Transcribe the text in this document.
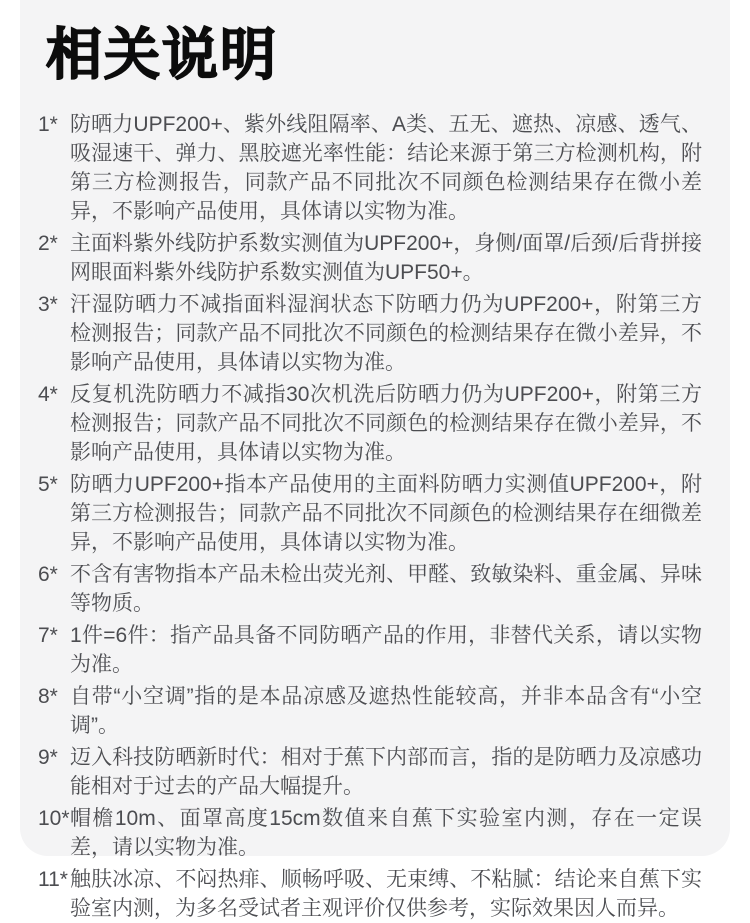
相关说明
1* 防晒力UPF200+、紫外线阻隔率、A类、五无、遮热、凉感、透气、吸湿速干、弹力、黑胶遮光率性能：结论来源于第三方检测机构，附第三方检测报告，同款产品不同批次不同颜色检测结果存在微小差异，不影响产品使用，具体请以实物为准。
2* 主面料紫外线防护系数实测值为UPF200+，身侧/面罩/后颈/后背拼接网眼面料紫外线防护系数实测值为UPF50+。
3* 汗湿防晒力不减指面料湿润状态下防晒力仍为UPF200+，附第三方检测报告；同款产品不同批次不同颜色的检测结果存在微小差异，不影响产品使用，具体请以实物为准。
4* 反复机洗防晒力不减指30次机洗后防晒力仍为UPF200+，附第三方检测报告；同款产品不同批次不同颜色的检测结果存在微小差异，不影响产品使用，具体请以实物为准。
5* 防晒力UPF200+指本产品使用的主面料防晒力实测值UPF200+，附第三方检测报告；同款产品不同批次不同颜色的检测结果存在细微差异，不影响产品使用，具体请以实物为准。
6* 不含有害物指本产品未检出荧光剂、甲醛、致敏染料、重金属、异味等物质。
7* 1件=6件：指产品具备不同防晒产品的作用，非替代关系，请以实物为准。
8* 自带“小空调”指的是本品凉感及遮热性能较高，并非本品含有“小空调”。
9* 迈入科技防晒新时代：相对于蕉下内部而言，指的是防晒力及凉感功能相对于过去的产品大幅提升。
10* 帽檐10m、面罩高度15cm数值来自蕉下实验室内测，存在一定误差，请以实物为准。
11* 触肤冰凉、不闷热痱、顺畅呼吸、无束缚、不粘腻：结论来自蕉下实验室内测，为多名受试者主观评价仅供参考，实际效果因人而异。
